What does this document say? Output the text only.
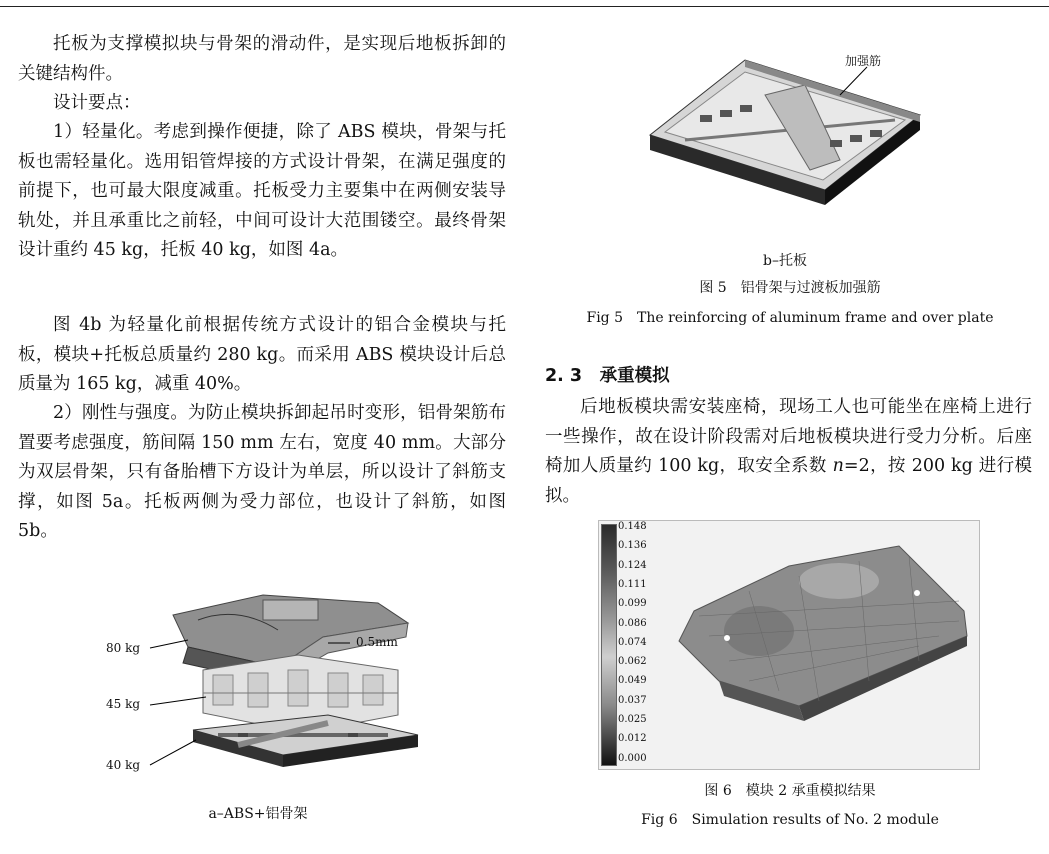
托板为支撑模拟块与骨架的滑动件，是实现后地板拆卸的关键结构件。

设计要点：

1）轻量化。考虑到操作便捷，除了 ABS 模块，骨架与托板也需轻量化。选用铝管焊接的方式设计骨架，在满足强度的前提下，也可最大限度减重。托板受力主要集中在两侧安装导轨处，并且承重比之前轻，中间可设计大范围镂空。最终骨架设计重约 45 kg，托板 40 kg，如图 4a。

图 4b 为轻量化前根据传统方式设计的铝合金模块与托板，模块+托板总质量约 280 kg。而采用 ABS 模块设计后总质量为 165 kg，减重 40%。

2）刚性与强度。为防止模块拆卸起吊时变形，铝骨架筋布置要考虑强度，筋间隔 150 mm 左右，宽度 40 mm。大部分为双层骨架，只有备胎槽下方设计为单层，所以设计了斜筋支撑，如图 5a。托板两侧为受力部位，也设计了斜筋，如图 5b。

80 kg
45 kg
40 kg
0.5mm
a–ABS+铝骨架
加强筋
b–托板
图 5　铝骨架与过渡板加强筋
Fig 5　The reinforcing of aluminum frame and over plate
2. 3　承重模拟

后地板模块需安装座椅，现场工人也可能坐在座椅上进行一些操作，故在设计阶段需对后地板模块进行受力分析。后座椅加人质量约 100 kg，取安全系数 n=2，按 200 kg 进行模拟。

0.148
0.136
0.124
0.111
0.099
0.086
0.074
0.062
0.049
0.037
0.025
0.012
0.000
图 6　模块 2 承重模拟结果
Fig 6　Simulation results of No. 2 module
